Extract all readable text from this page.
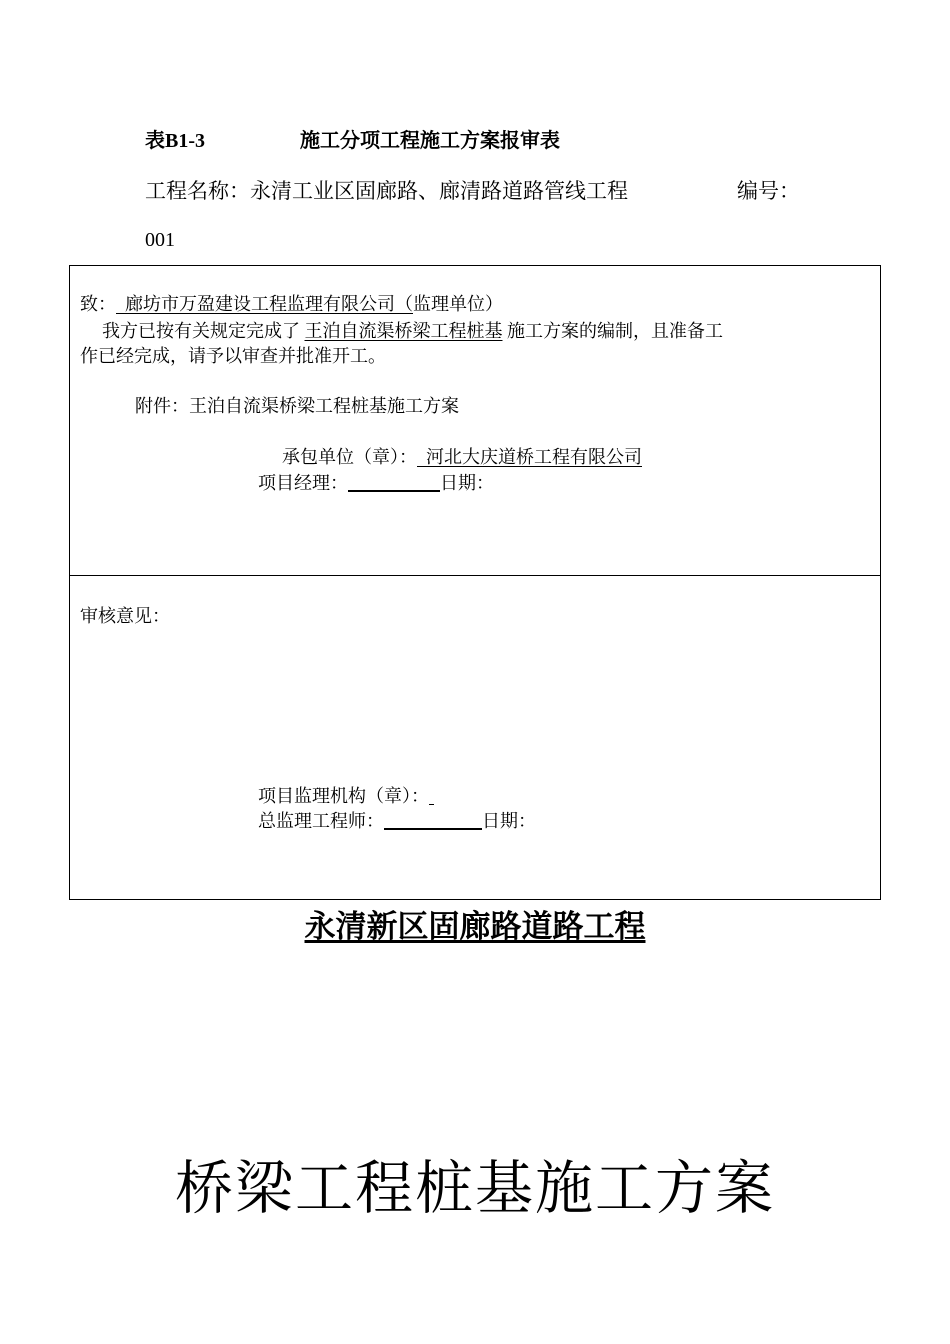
表B1-3	施工分项工程施工方案报审表
工程名称：永清工业区固廊路、廊清路道路管线工程	编号：
001
致： 廊坊市万盈建设工程监理有限公司（监理单位）
我方已按有关规定完成了 王泊自流渠桥梁工程桩基 施工方案的编制，且准备工
作已经完成，请予以审查并批准开工。
附件：王泊自流渠桥梁工程桩基施工方案
承包单位（章）： 河北大庆道桥工程有限公司
项目经理：	日期：
审核意见：
项目监理机构（章）：
总监理工程师：	日期：
永清新区固廊路道路工程
桥梁工程桩基施工方案
